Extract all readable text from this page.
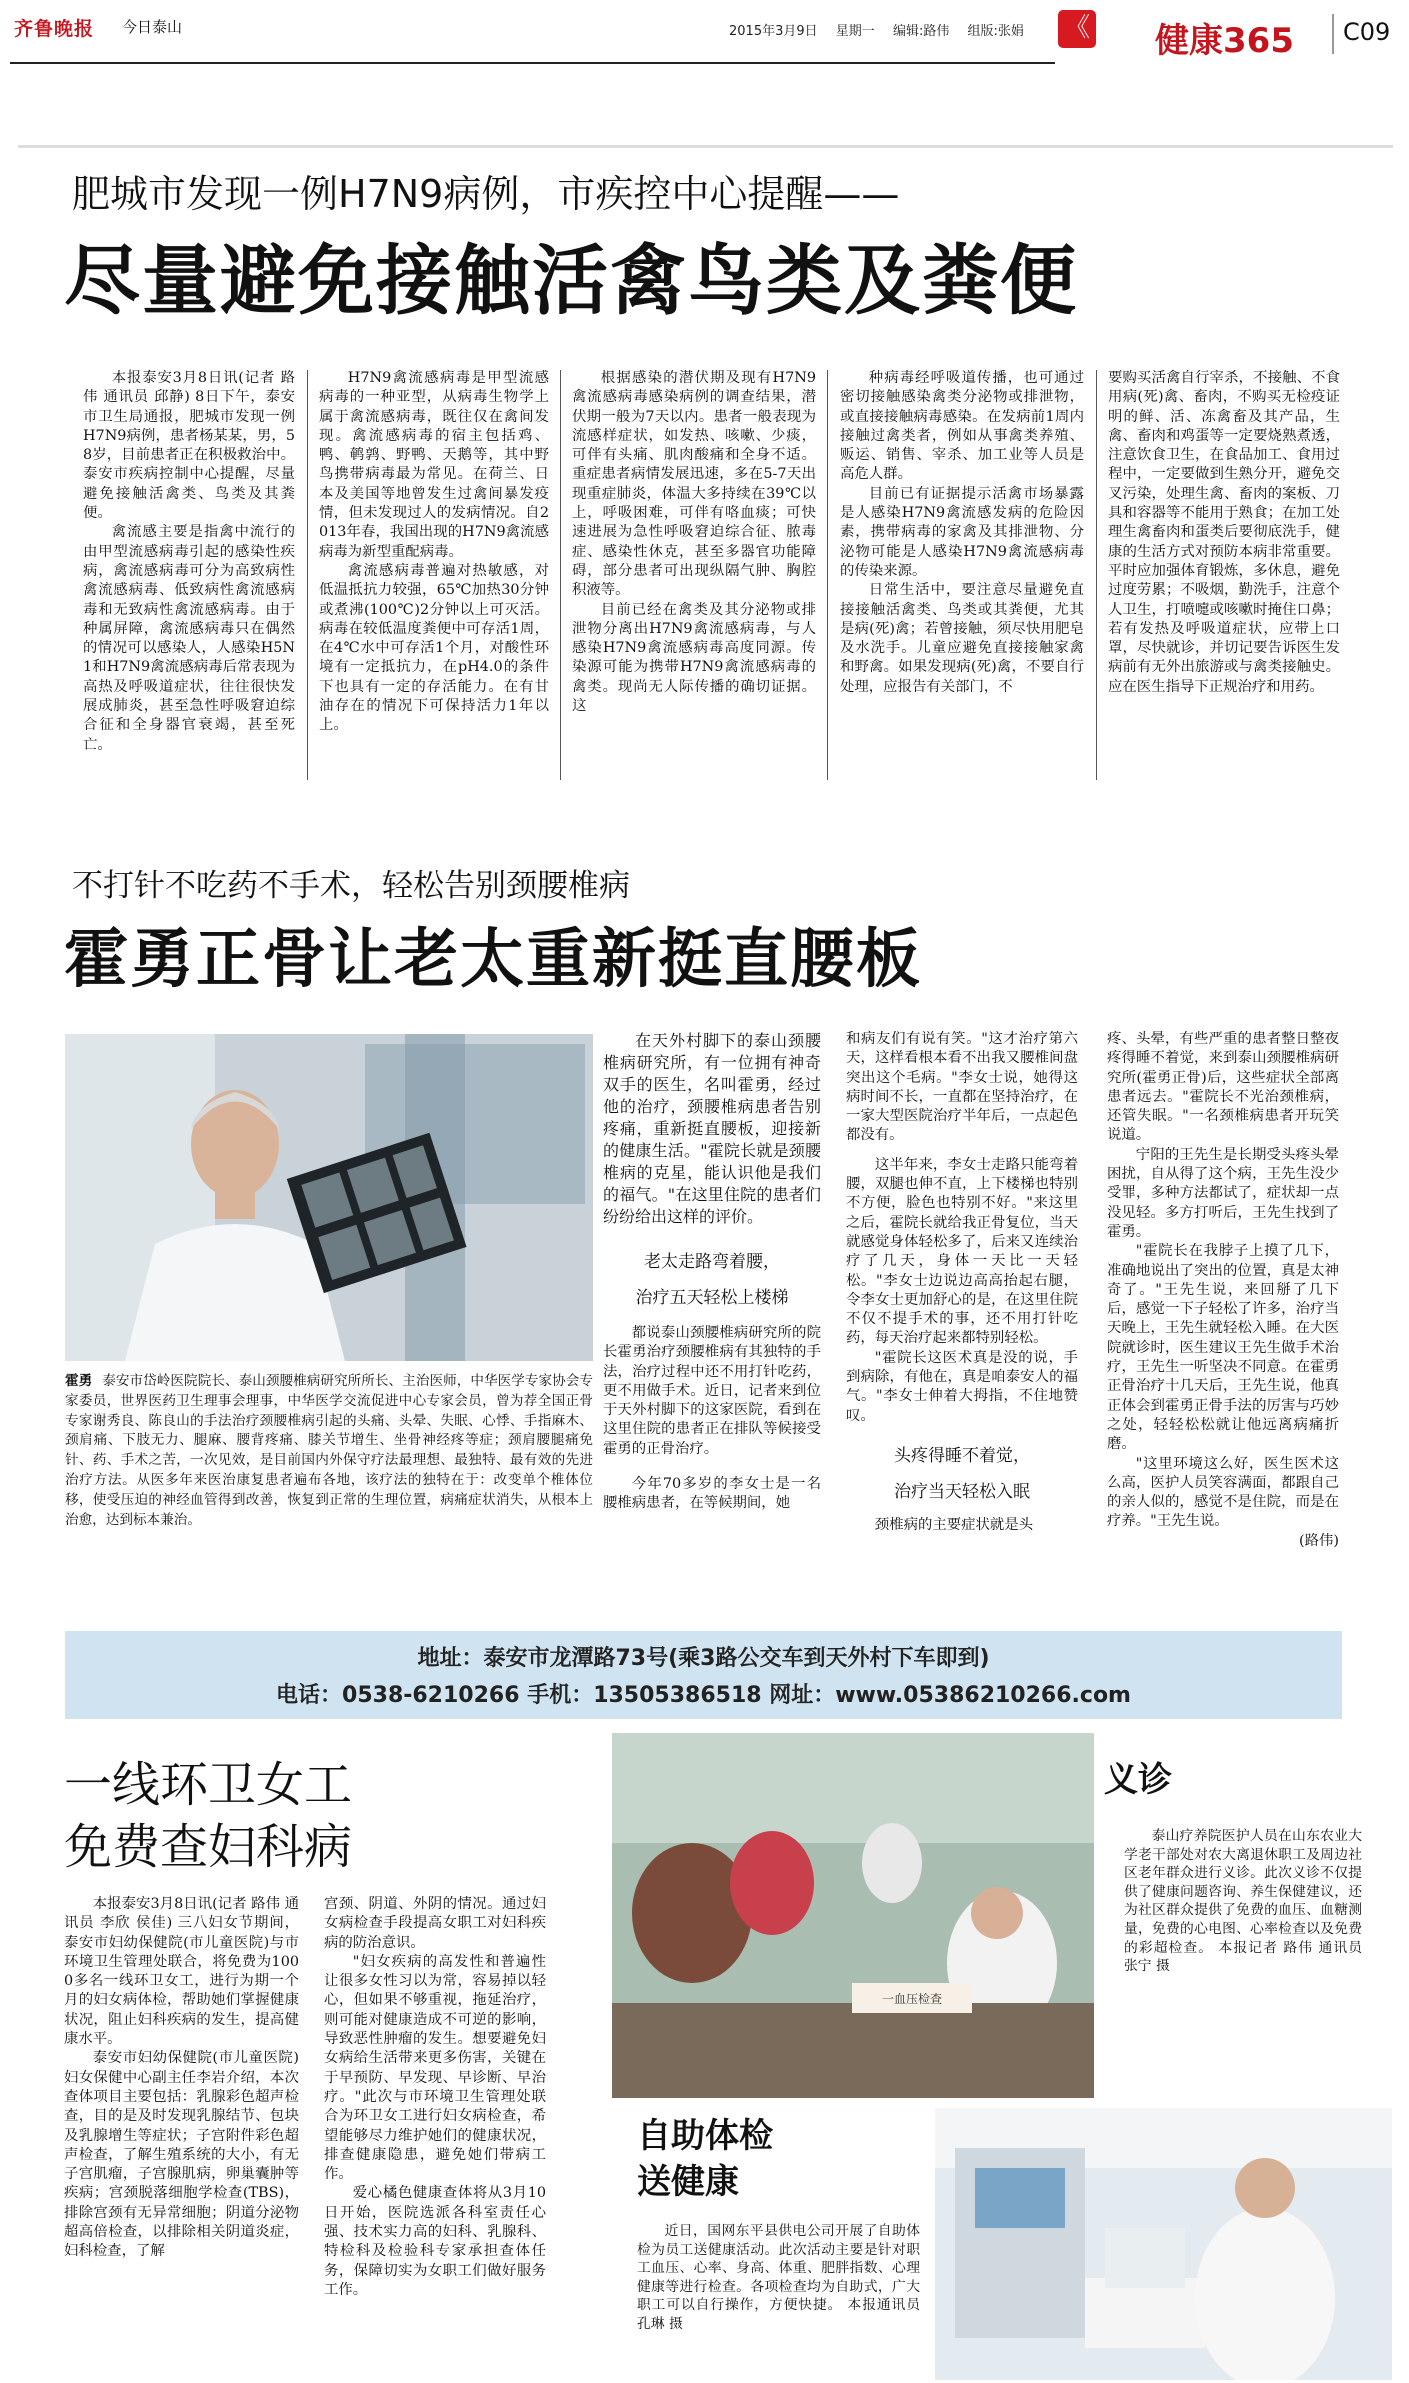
齐鲁晚报 今日泰山	2015年3月9日 星期一 编辑:路伟 组版:张娟	《 健康365 C09
肥城市发现一例H7N9病例，市疾控中心提醒——
尽量避免接触活禽鸟类及粪便

本报泰安3月8日讯(记者 路伟 通讯员 邱静) 8日下午，泰安市卫生局通报，肥城市发现一例H7N9病例，患者杨某某，男，58岁，目前患者正在积极救治中。泰安市疾病控制中心提醒，尽量避免接触活禽类、鸟类及其粪便。

禽流感主要是指禽中流行的由甲型流感病毒引起的感染性疾病，禽流感病毒可分为高致病性禽流感病毒、低致病性禽流感病毒和无致病性禽流感病毒。由于种属屏障，禽流感病毒只在偶然的情况可以感染人，人感染H5N1和H7N9禽流感病毒后常表现为高热及呼吸道症状，往往很快发展成肺炎，甚至急性呼吸窘迫综合征和全身器官衰竭，甚至死亡。

H7N9禽流感病毒是甲型流感病毒的一种亚型，从病毒生物学上属于禽流感病毒，既往仅在禽间发现。禽流感病毒的宿主包括鸡、鸭、鹌鹑、野鸭、天鹅等，其中野鸟携带病毒最为常见。在荷兰、日本及美国等地曾发生过禽间暴发疫情，但未发现过人的发病情况。自2013年春，我国出现的H7N9禽流感病毒为新型重配病毒。

禽流感病毒普遍对热敏感，对低温抵抗力较强，65℃加热30分钟或煮沸(100℃)2分钟以上可灭活。病毒在较低温度粪便中可存活1周，在4℃水中可存活1个月，对酸性环境有一定抵抗力，在pH4.0的条件下也具有一定的存活能力。在有甘油存在的情况下可保持活力1年以上。

根据感染的潜伏期及现有H7N9禽流感病毒感染病例的调查结果，潜伏期一般为7天以内。患者一般表现为流感样症状，如发热、咳嗽、少痰，可伴有头痛、肌肉酸痛和全身不适。重症患者病情发展迅速，多在5-7天出现重症肺炎，体温大多持续在39℃以上，呼吸困难，可伴有咯血痰；可快速进展为急性呼吸窘迫综合征、脓毒症、感染性休克，甚至多器官功能障碍，部分患者可出现纵隔气肿、胸腔积液等。

目前已经在禽类及其分泌物或排泄物分离出H7N9禽流感病毒，与人感染H7N9禽流感病毒高度同源。传染源可能为携带H7N9禽流感病毒的禽类。现尚无人际传播的确切证据。这

种病毒经呼吸道传播，也可通过密切接触感染禽类分泌物或排泄物，或直接接触病毒感染。在发病前1周内接触过禽类者，例如从事禽类养殖、贩运、销售、宰杀、加工业等人员是高危人群。

目前已有证据提示活禽市场暴露是人感染H7N9禽流感发病的危险因素，携带病毒的家禽及其排泄物、分泌物可能是人感染H7N9禽流感病毒的传染来源。

日常生活中，要注意尽量避免直接接触活禽类、鸟类或其粪便，尤其是病(死)禽；若曾接触，须尽快用肥皂及水洗手。儿童应避免直接接触家禽和野禽。如果发现病(死)禽，不要自行处理，应报告有关部门，不

要购买活禽自行宰杀，不接触、不食用病(死)禽、畜肉，不购买无检疫证明的鲜、活、冻禽畜及其产品，生禽、畜肉和鸡蛋等一定要烧熟煮透，注意饮食卫生，在食品加工、食用过程中，一定要做到生熟分开，避免交叉污染，处理生禽、畜肉的案板、刀具和容器等不能用于熟食；在加工处理生禽畜肉和蛋类后要彻底洗手，健康的生活方式对预防本病非常重要。平时应加强体育锻炼，多休息，避免过度劳累；不吸烟，勤洗手，注意个人卫生，打喷嚏或咳嗽时掩住口鼻；若有发热及呼吸道症状，应带上口罩，尽快就诊，并切记要告诉医生发病前有无外出旅游或与禽类接触史。应在医生指导下正规治疗和用药。

不打针不吃药不手术，轻松告别颈腰椎病
霍勇正骨让老太重新挺直腰板
霍勇 泰安市岱岭医院院长、泰山颈腰椎病研究所所长、主治医师，中华医学专家协会专家委员，世界医药卫生理事会理事，中华医学交流促进中心专家会员，曾为荐全国正骨专家谢秀良、陈良山的手法治疗颈腰椎病引起的头痛、头晕、失眠、心悸、手指麻木、颈肩痛、下肢无力、腿麻、腰背疼痛、膝关节增生、坐骨神经疼等症；颈肩腰腿痛免针、药、手术之苦，一次见效，是目前国内外保守疗法最理想、最独特、最有效的先进治疗方法。从医多年来医治康复患者遍布各地，该疗法的独特在于：改变单个椎体位移，使受压迫的神经血管得到改善，恢复到正常的生理位置，病痛症状消失，从根本上治愈，达到标本兼治。

在天外村脚下的泰山颈腰椎病研究所，有一位拥有神奇双手的医生，名叫霍勇，经过他的治疗，颈腰椎病患者告别疼痛，重新挺直腰板，迎接新的健康生活。"霍院长就是颈腰椎病的克星，能认识他是我们的福气。"在这里住院的患者们纷纷给出这样的评价。

老太走路弯着腰，
治疗五天轻松上楼梯

都说泰山颈腰椎病研究所的院长霍勇治疗颈腰椎病有其独特的手法，治疗过程中还不用打针吃药，更不用做手术。近日，记者来到位于天外村脚下的这家医院，看到在这里住院的患者正在排队等候接受霍勇的正骨治疗。

今年70多岁的李女士是一名腰椎病患者，在等候期间，她

和病友们有说有笑。"这才治疗第六天，这样看根本看不出我又腰椎间盘突出这个毛病。"李女士说，她得这病时间不长，一直都在坚持治疗，在一家大型医院治疗半年后，一点起色都没有。

这半年来，李女士走路只能弯着腰，双腿也伸不直，上下楼梯也特别不方便，脸色也特别不好。"来这里之后，霍院长就给我正骨复位，当天就感觉身体轻松多了，后来又连续治疗了几天，身体一天比一天轻松。"李女士边说边高高抬起右腿，令李女士更加舒心的是，在这里住院不仅不提手术的事，还不用打针吃药，每天治疗起来都特别轻松。

"霍院长这医术真是没的说，手到病除，有他在，真是咱泰安人的福气。"李女士伸着大拇指，不住地赞叹。

头疼得睡不着觉，
治疗当天轻松入眠

颈椎病的主要症状就是头

疼、头晕，有些严重的患者整日整夜疼得睡不着觉，来到泰山颈腰椎病研究所(霍勇正骨)后，这些症状全部离患者远去。"霍院长不光治颈椎病，还管失眠。"一名颈椎病患者开玩笑说道。

宁阳的王先生是长期受头疼头晕困扰，自从得了这个病，王先生没少受罪，多种方法都试了，症状却一点没见轻。多方打听后，王先生找到了霍勇。

"霍院长在我脖子上摸了几下，准确地说出了突出的位置，真是太神奇了。"王先生说，来回掰了几下后，感觉一下子轻松了许多，治疗当天晚上，王先生就轻松入睡。在大医院就诊时，医生建议王先生做手术治疗，王先生一听坚决不同意。在霍勇正骨治疗十几天后，王先生说，他真正体会到霍勇正骨手法的厉害与巧妙之处，轻轻松松就让他远离病痛折磨。

"这里环境这么好，医生医术这么高，医护人员笑容满面，都跟自己的亲人似的，感觉不是住院，而是在疗养。"王先生说。

(路伟)
地址：泰安市龙潭路73号(乘3路公交车到天外村下车即到)
电话：0538-6210266 手机：13505386518 网址：www.05386210266.com
一线环卫女工
免费查妇科病

本报泰安3月8日讯(记者 路伟 通讯员 李欣 侯佳) 三八妇女节期间，泰安市妇幼保健院(市儿童医院)与市环境卫生管理处联合，将免费为1000多名一线环卫女工，进行为期一个月的妇女病体检，帮助她们掌握健康状况，阻止妇科疾病的发生，提高健康水平。

泰安市妇幼保健院(市儿童医院)妇女保健中心副主任李岩介绍，本次查体项目主要包括：乳腺彩色超声检查，目的是及时发现乳腺结节、包块及乳腺增生等症状；子宫附件彩色超声检查，了解生殖系统的大小，有无子宫肌瘤，子宫腺肌病，卵巢囊肿等疾病；宫颈脱落细胞学检查(TBS)，排除宫颈有无异常细胞；阴道分泌物超高倍检查，以排除相关阴道炎症，妇科检查，了解

宫颈、阴道、外阴的情况。通过妇女病检查手段提高女职工对妇科疾病的防治意识。

"妇女疾病的高发性和普遍性让很多女性习以为常，容易掉以轻心，但如果不够重视，拖延治疗，则可能对健康造成不可逆的影响，导致恶性肿瘤的发生。想要避免妇女病给生活带来更多伤害，关键在于早预防、早发现、早诊断、早治疗。"此次与市环境卫生管理处联合为环卫女工进行妇女病检查，希望能够尽力维护她们的健康状况，排查健康隐患，避免她们带病工作。

爱心橘色健康查体将从3月10日开始，医院选派各科室责任心强、技术实力高的妇科、乳腺科、特检科及检验科专家承担查体任务，保障切实为女职工们做好服务工作。

一血压检查
义诊

泰山疗养院医护人员在山东农业大学老干部处对农大离退休职工及周边社区老年群众进行义诊。此次义诊不仅提供了健康问题咨询、养生保健建议，还为社区群众提供了免费的血压、血糖测量，免费的心电图、心率检查以及免费的彩超检查。 本报记者 路伟 通讯员 张宁 摄

自助体检
送健康

近日，国网东平县供电公司开展了自助体检为员工送健康活动。此次活动主要是针对职工血压、心率、身高、体重、肥胖指数、心理健康等进行检查。各项检查均为自助式，广大职工可以自行操作，方便快捷。 本报通讯员 孔琳 摄
